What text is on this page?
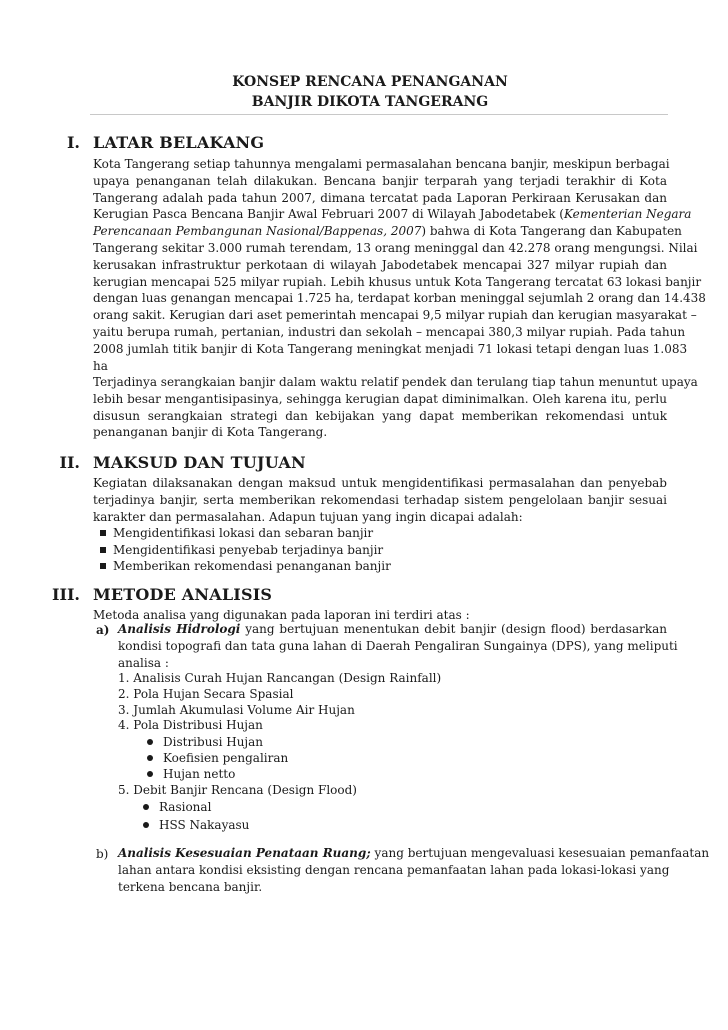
KONSEP RENCANA PENANGANAN
BANJIR DIKOTA TANGERANG
I. LATAR BELAKANG
Kota Tangerang setiap tahunnya mengalami permasalahan bencana banjir, meskipun berbagai
upaya penanganan telah dilakukan. Bencana banjir terparah yang terjadi terakhir di Kota
Tangerang adalah pada tahun 2007, dimana tercatat pada Laporan Perkiraan Kerusakan dan
Kerugian Pasca Bencana Banjir Awal Februari 2007 di Wilayah Jabodetabek (Kementerian Negara
Perencanaan Pembangunan Nasional/Bappenas, 2007) bahwa di Kota Tangerang dan Kabupaten
Tangerang sekitar 3.000 rumah terendam, 13 orang meninggal dan 42.278 orang mengungsi. Nilai
kerusakan infrastruktur perkotaan di wilayah Jabodetabek mencapai 327 milyar rupiah dan
kerugian mencapai 525 milyar rupiah. Lebih khusus untuk Kota Tangerang tercatat 63 lokasi banjir
dengan luas genangan mencapai 1.725 ha, terdapat korban meninggal sejumlah 2 orang dan 14.438
orang sakit. Kerugian dari aset pemerintah mencapai 9,5 milyar rupiah dan kerugian masyarakat –
yaitu berupa rumah, pertanian, industri dan sekolah – mencapai 380,3 milyar rupiah. Pada tahun
2008 jumlah titik banjir di Kota Tangerang meningkat menjadi 71 lokasi tetapi dengan luas 1.083
ha
Terjadinya serangkaian banjir dalam waktu relatif pendek dan terulang tiap tahun menuntut upaya
lebih besar mengantisipasinya, sehingga kerugian dapat diminimalkan. Oleh karena itu, perlu
disusun serangkaian strategi dan kebijakan yang dapat memberikan rekomendasi untuk
penanganan banjir di Kota Tangerang.
II. MAKSUD DAN TUJUAN
Kegiatan dilaksanakan dengan maksud untuk mengidentifikasi permasalahan dan penyebab
terjadinya banjir, serta memberikan rekomendasi terhadap sistem pengelolaan banjir sesuai
karakter dan permasalahan. Adapun tujuan yang ingin dicapai adalah:
Mengidentifikasi lokasi dan sebaran banjir
Mengidentifikasi penyebab terjadinya banjir
Memberikan rekomendasi penanganan banjir
III. METODE ANALISIS
Metoda analisa yang digunakan pada laporan ini terdiri atas :
a) Analisis Hidrologi yang bertujuan menentukan debit banjir (design flood) berdasarkan
kondisi topografi dan tata guna lahan di Daerah Pengaliran Sungainya (DPS), yang meliputi
analisa :
1. Analisis Curah Hujan Rancangan (Design Rainfall)
2. Pola Hujan Secara Spasial
3. Jumlah Akumulasi Volume Air Hujan
4. Pola Distribusi Hujan
Distribusi Hujan
Koefisien pengaliran
Hujan netto
5. Debit Banjir Rencana (Design Flood)
Rasional
HSS Nakayasu
b) Analisis Kesesuaian Penataan Ruang; yang bertujuan mengevaluasi kesesuaian pemanfaatan
lahan antara kondisi eksisting dengan rencana pemanfaatan lahan pada lokasi-lokasi yang
terkena bencana banjir.
